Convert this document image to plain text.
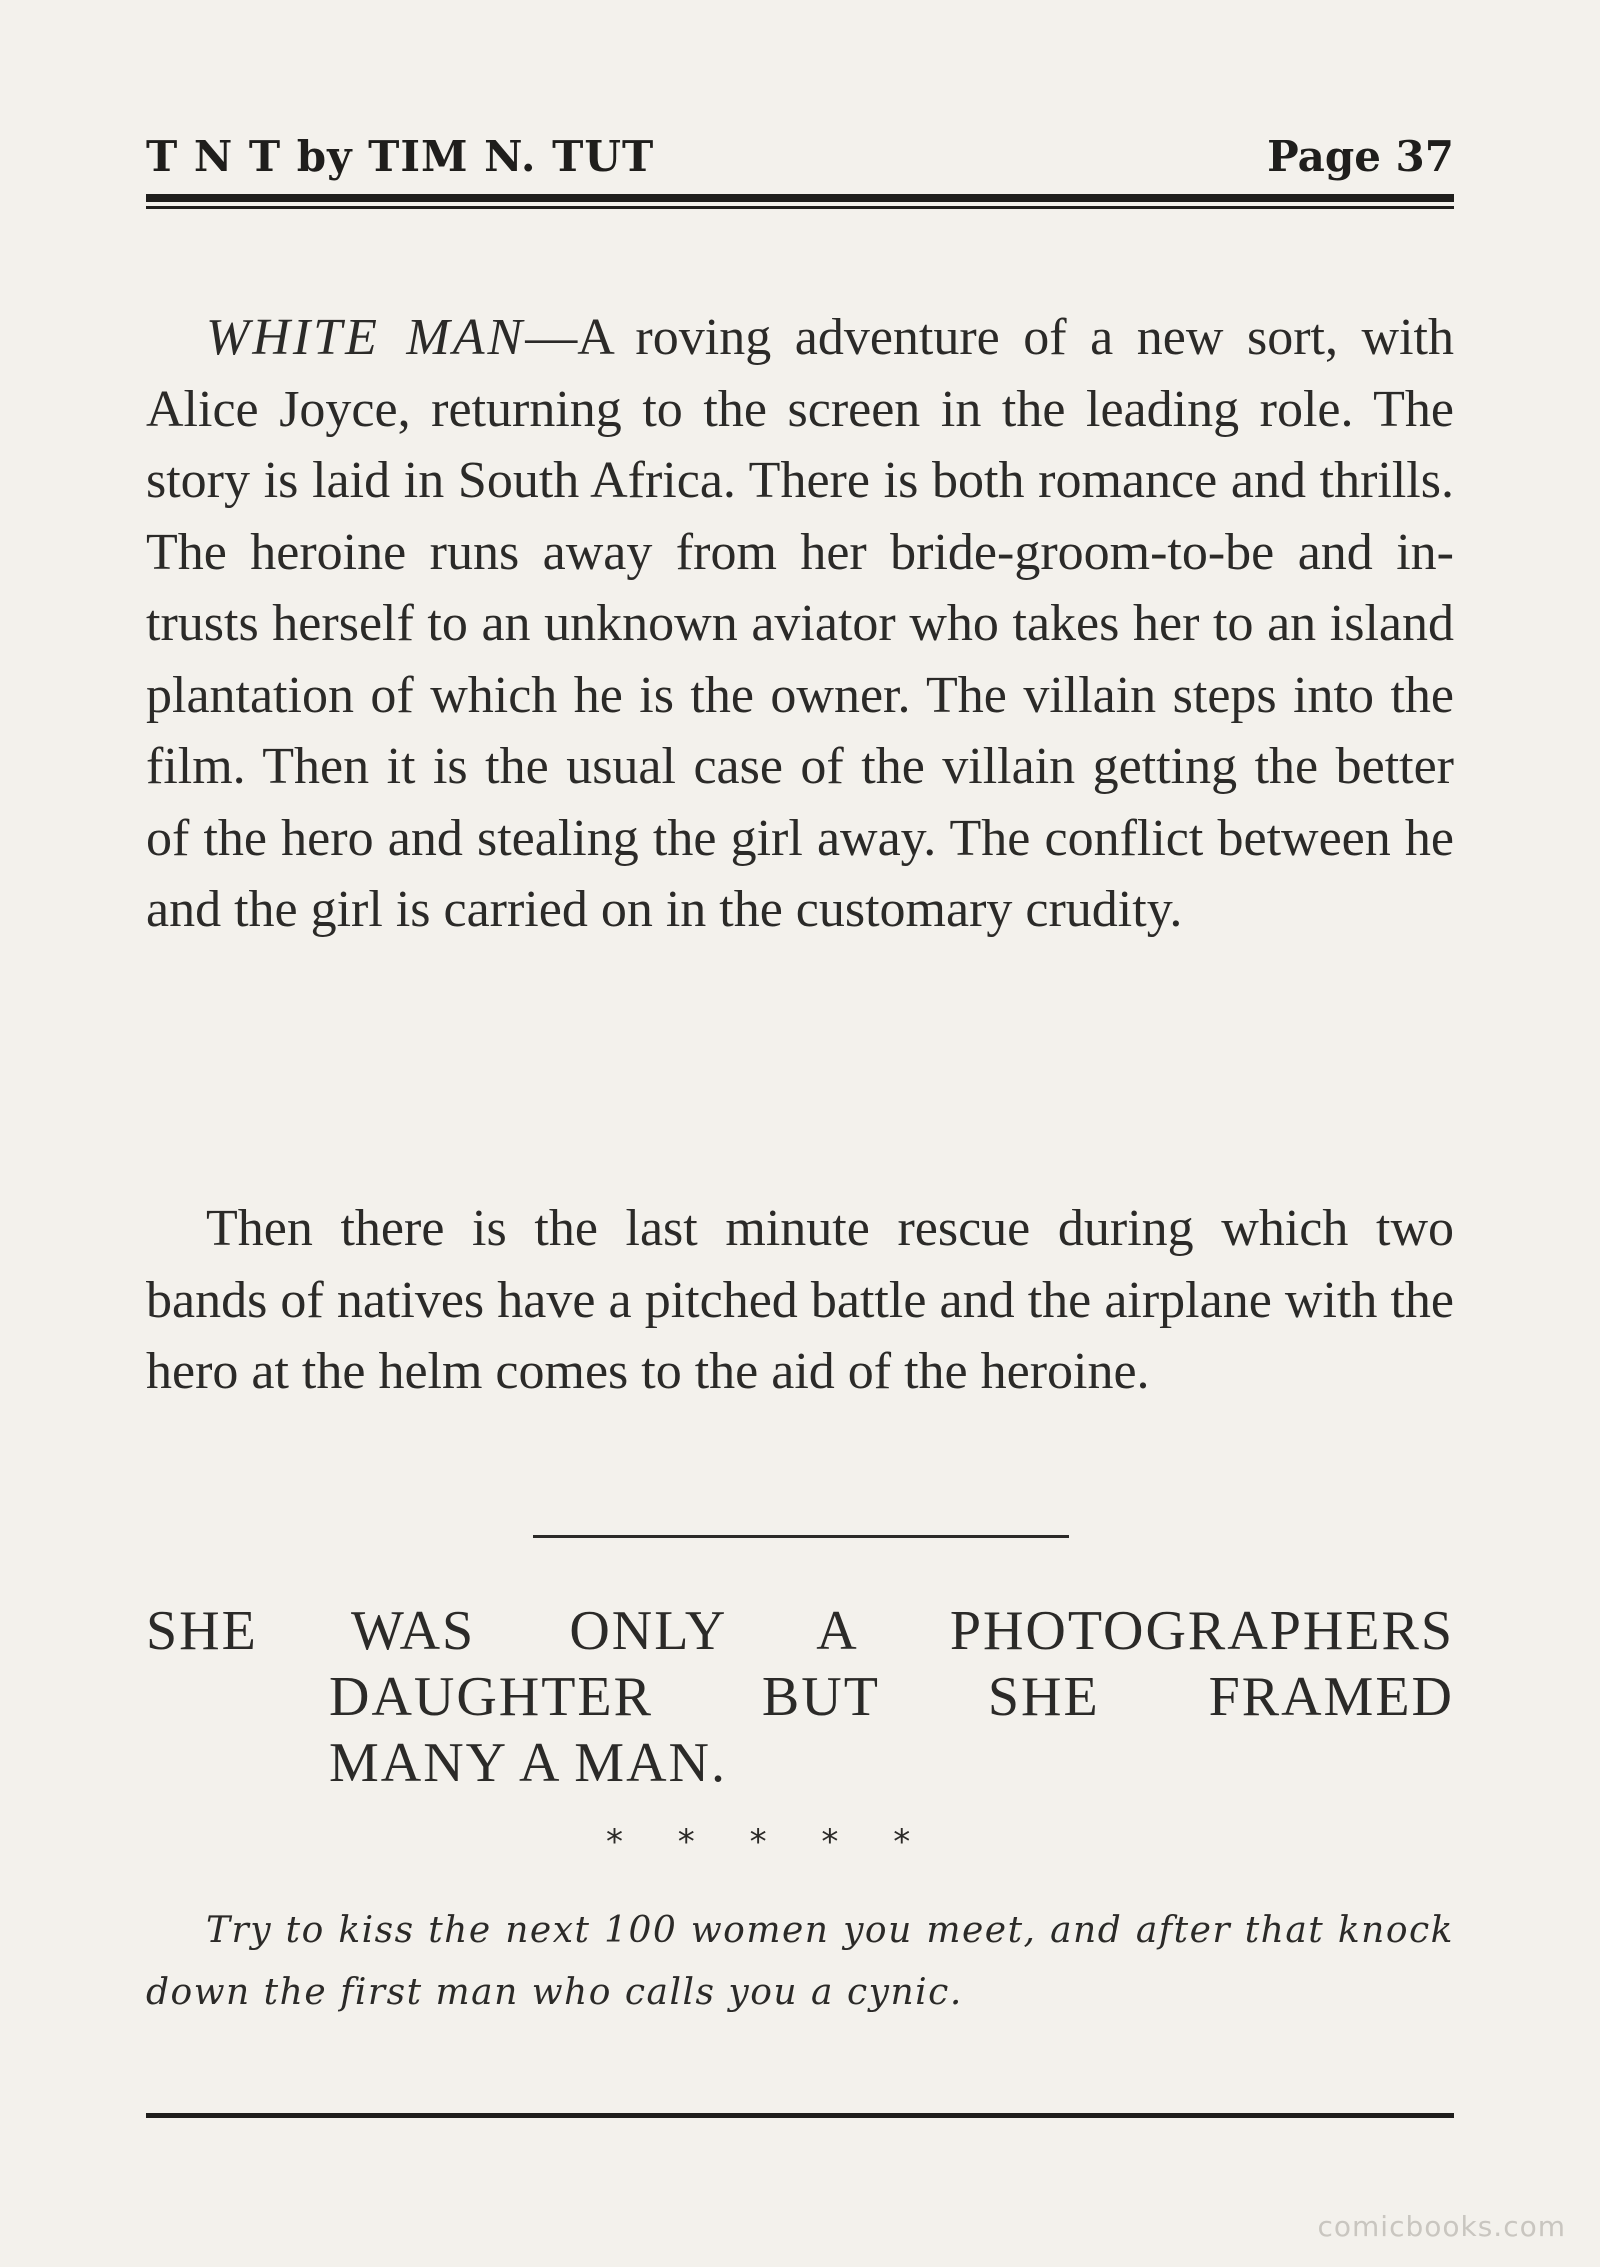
T N T by TIM N. TUT	Page 37

WHITE MAN—A roving adventure of a new sort, with Alice Joyce, returning to the screen in the leading role. The story is laid in South Africa. There is both romance and thrills. The heroine runs away from her bride-groom-to-be and intrusts herself to an unknown aviator who takes her to an island plantation of which he is the owner. The villain steps into the film. Then it is the usual case of the villain getting the better of the hero and stealing the girl away. The conflict between he and the girl is carried on in the customary crudity.

Then there is the last minute rescue during which two bands of natives have a pitched battle and the airplane with the hero at the helm comes to the aid of the heroine.

SHE WAS ONLY A PHOTOGRAPHERS
DAUGHTER BUT SHE FRAMED
MANY A MAN.
* * * * *

Try to kiss the next 100 women you meet, and after that knock down the first man who calls you a cynic.

comicbooks.com
